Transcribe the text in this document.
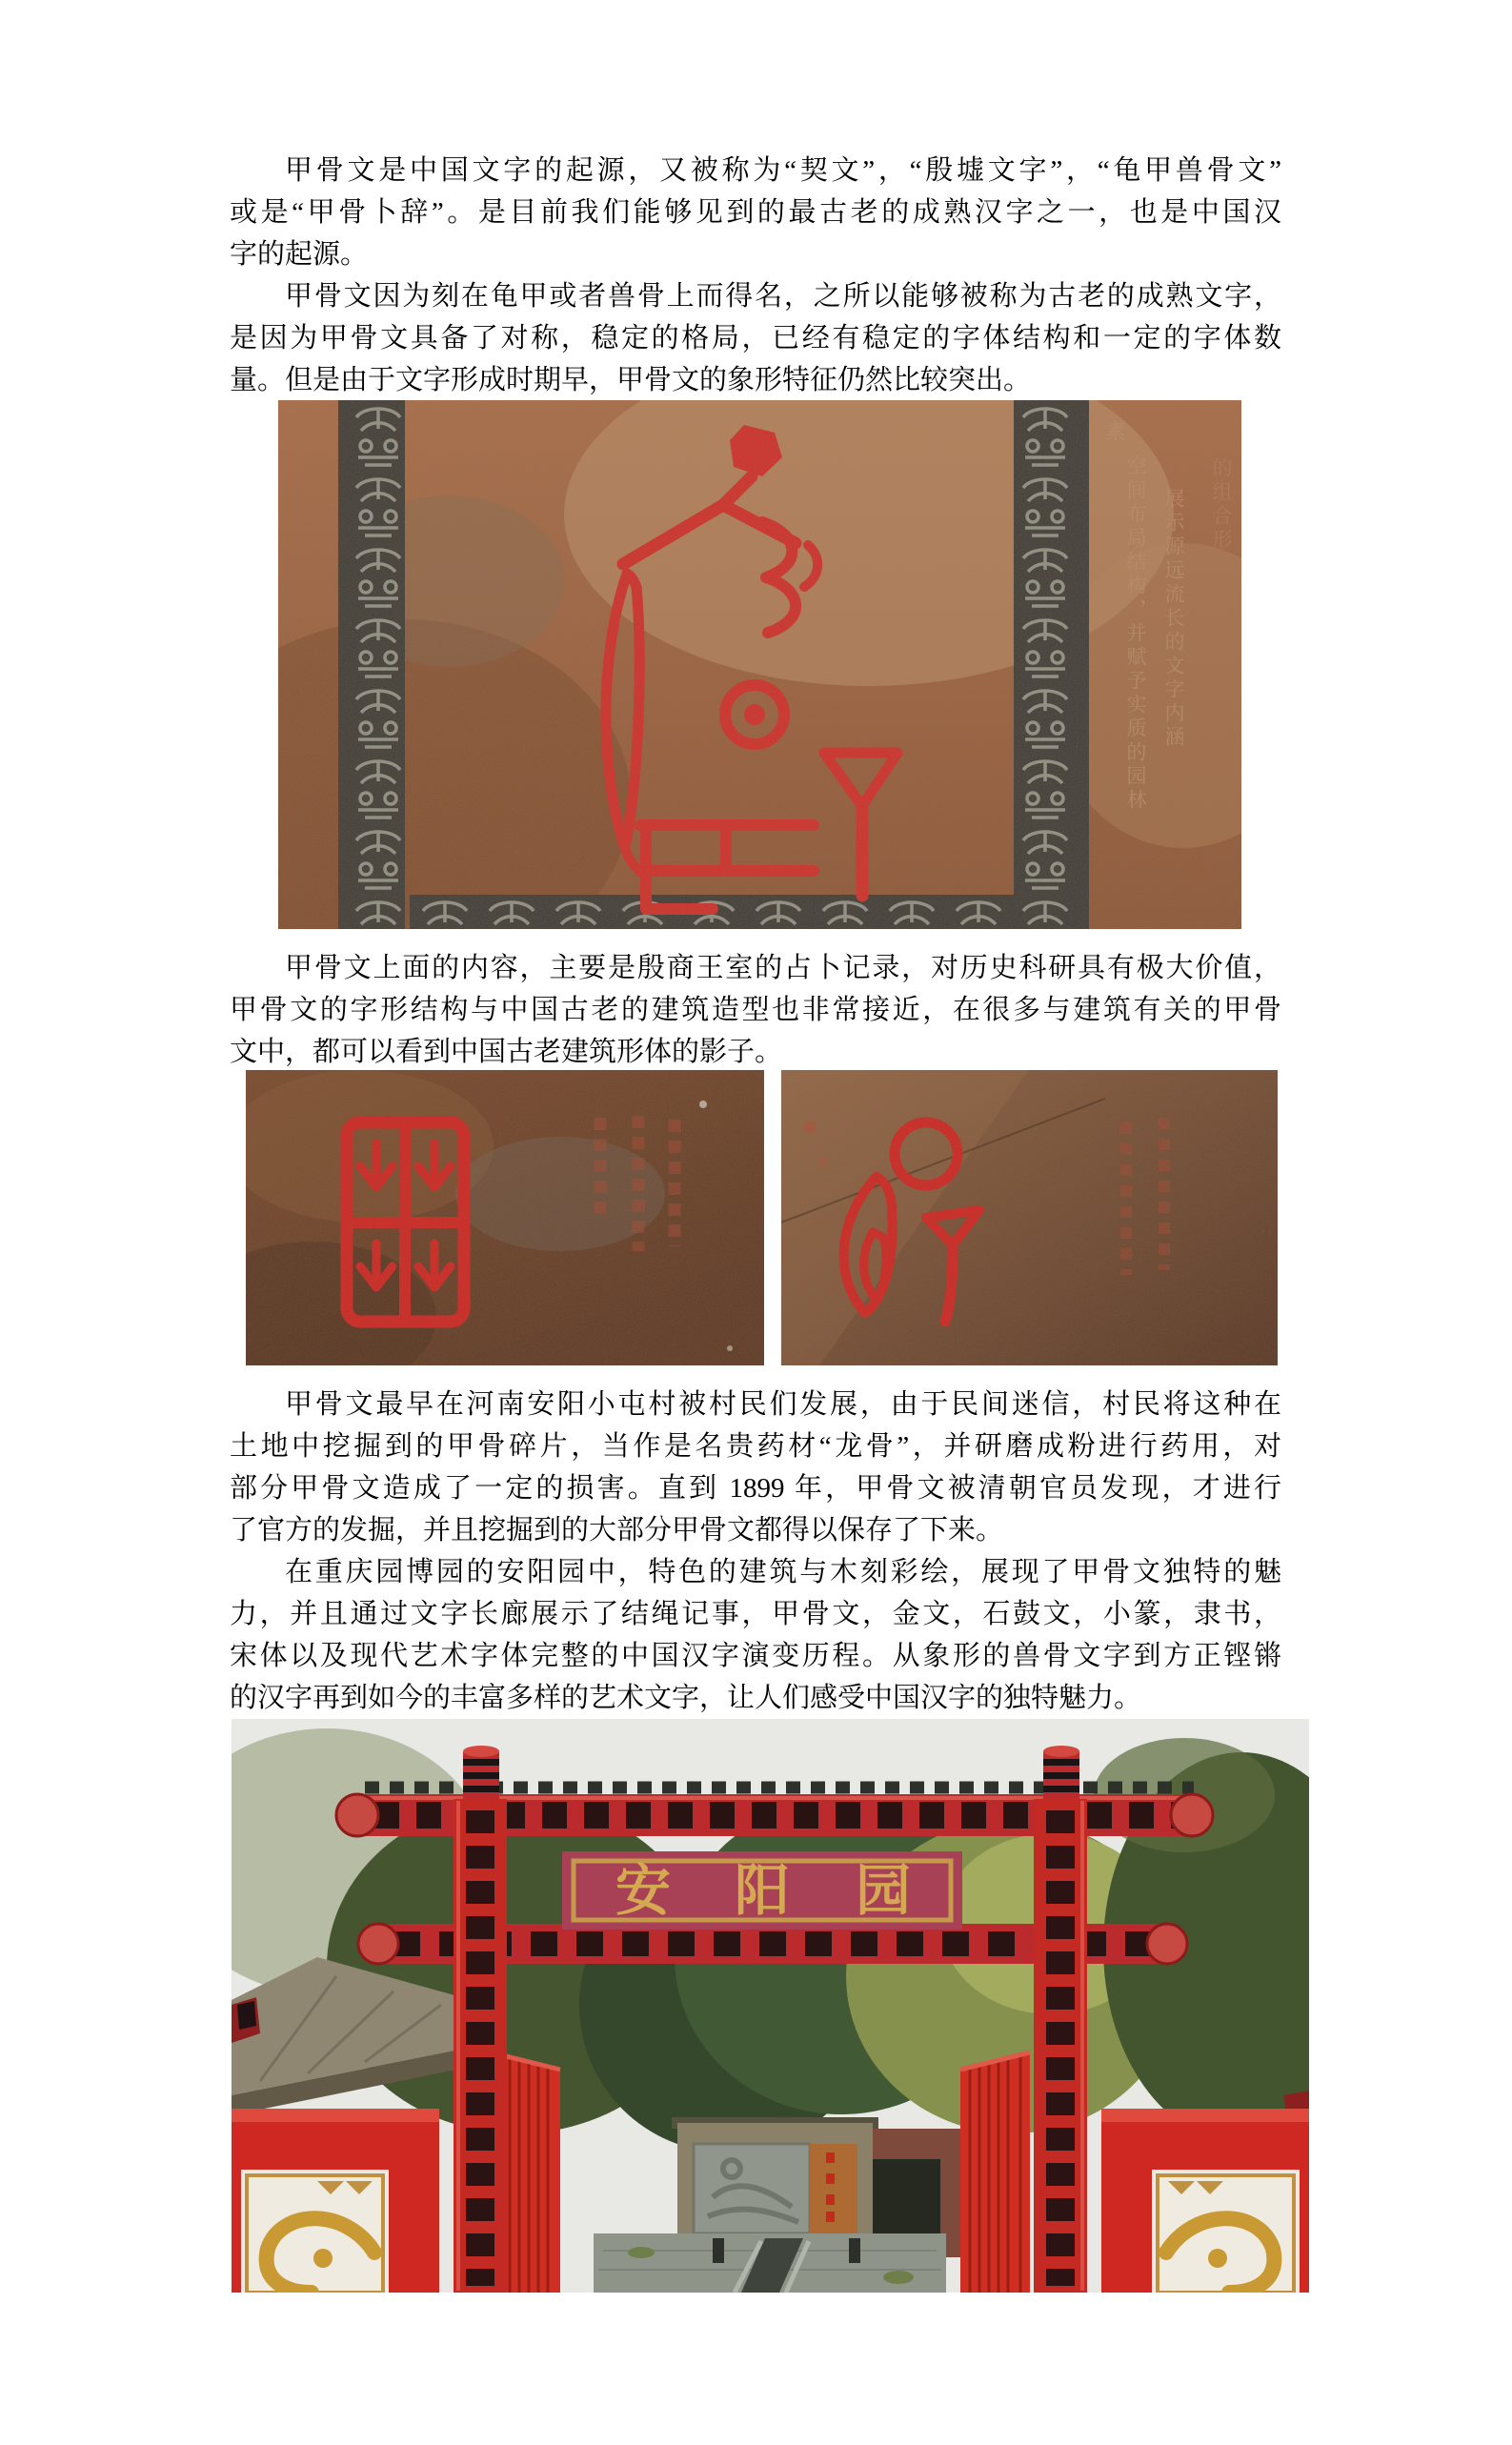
甲骨文是中国文字的起源，又被称为“契文”，“殷墟文字”，“龟甲兽骨文”
或是“甲骨卜辞”。是目前我们能够见到的最古老的成熟汉字之一，也是中国汉
字的起源。
甲骨文因为刻在龟甲或者兽骨上而得名，之所以能够被称为古老的成熟文字，
是因为甲骨文具备了对称，稳定的格局，已经有稳定的字体结构和一定的字体数
量。但是由于文字形成时期早，甲骨文的象形特征仍然比较突出。
素
空间布局结构，并赋予实质的园林 展示源远流长的文字内涵 的组合形
甲骨文上面的内容，主要是殷商王室的占卜记录，对历史科研具有极大价值，
甲骨文的字形结构与中国古老的建筑造型也非常接近，在很多与建筑有关的甲骨
文中，都可以看到中国古老建筑形体的影子。
甲骨文最早在河南安阳小屯村被村民们发展，由于民间迷信，村民将这种在
土地中挖掘到的甲骨碎片，当作是名贵药材“龙骨”，并研磨成粉进行药用，对
部分甲骨文造成了一定的损害。直到 1899 年，甲骨文被清朝官员发现，才进行
了官方的发掘，并且挖掘到的大部分甲骨文都得以保存了下来。
在重庆园博园的安阳园中，特色的建筑与木刻彩绘，展现了甲骨文独特的魅
力，并且通过文字长廊展示了结绳记事，甲骨文，金文，石鼓文，小篆，隶书，
宋体以及现代艺术字体完整的中国汉字演变历程。从象形的兽骨文字到方正铿锵
的汉字再到如今的丰富多样的艺术文字，让人们感受中国汉字的独特魅力。
安 阳 园
